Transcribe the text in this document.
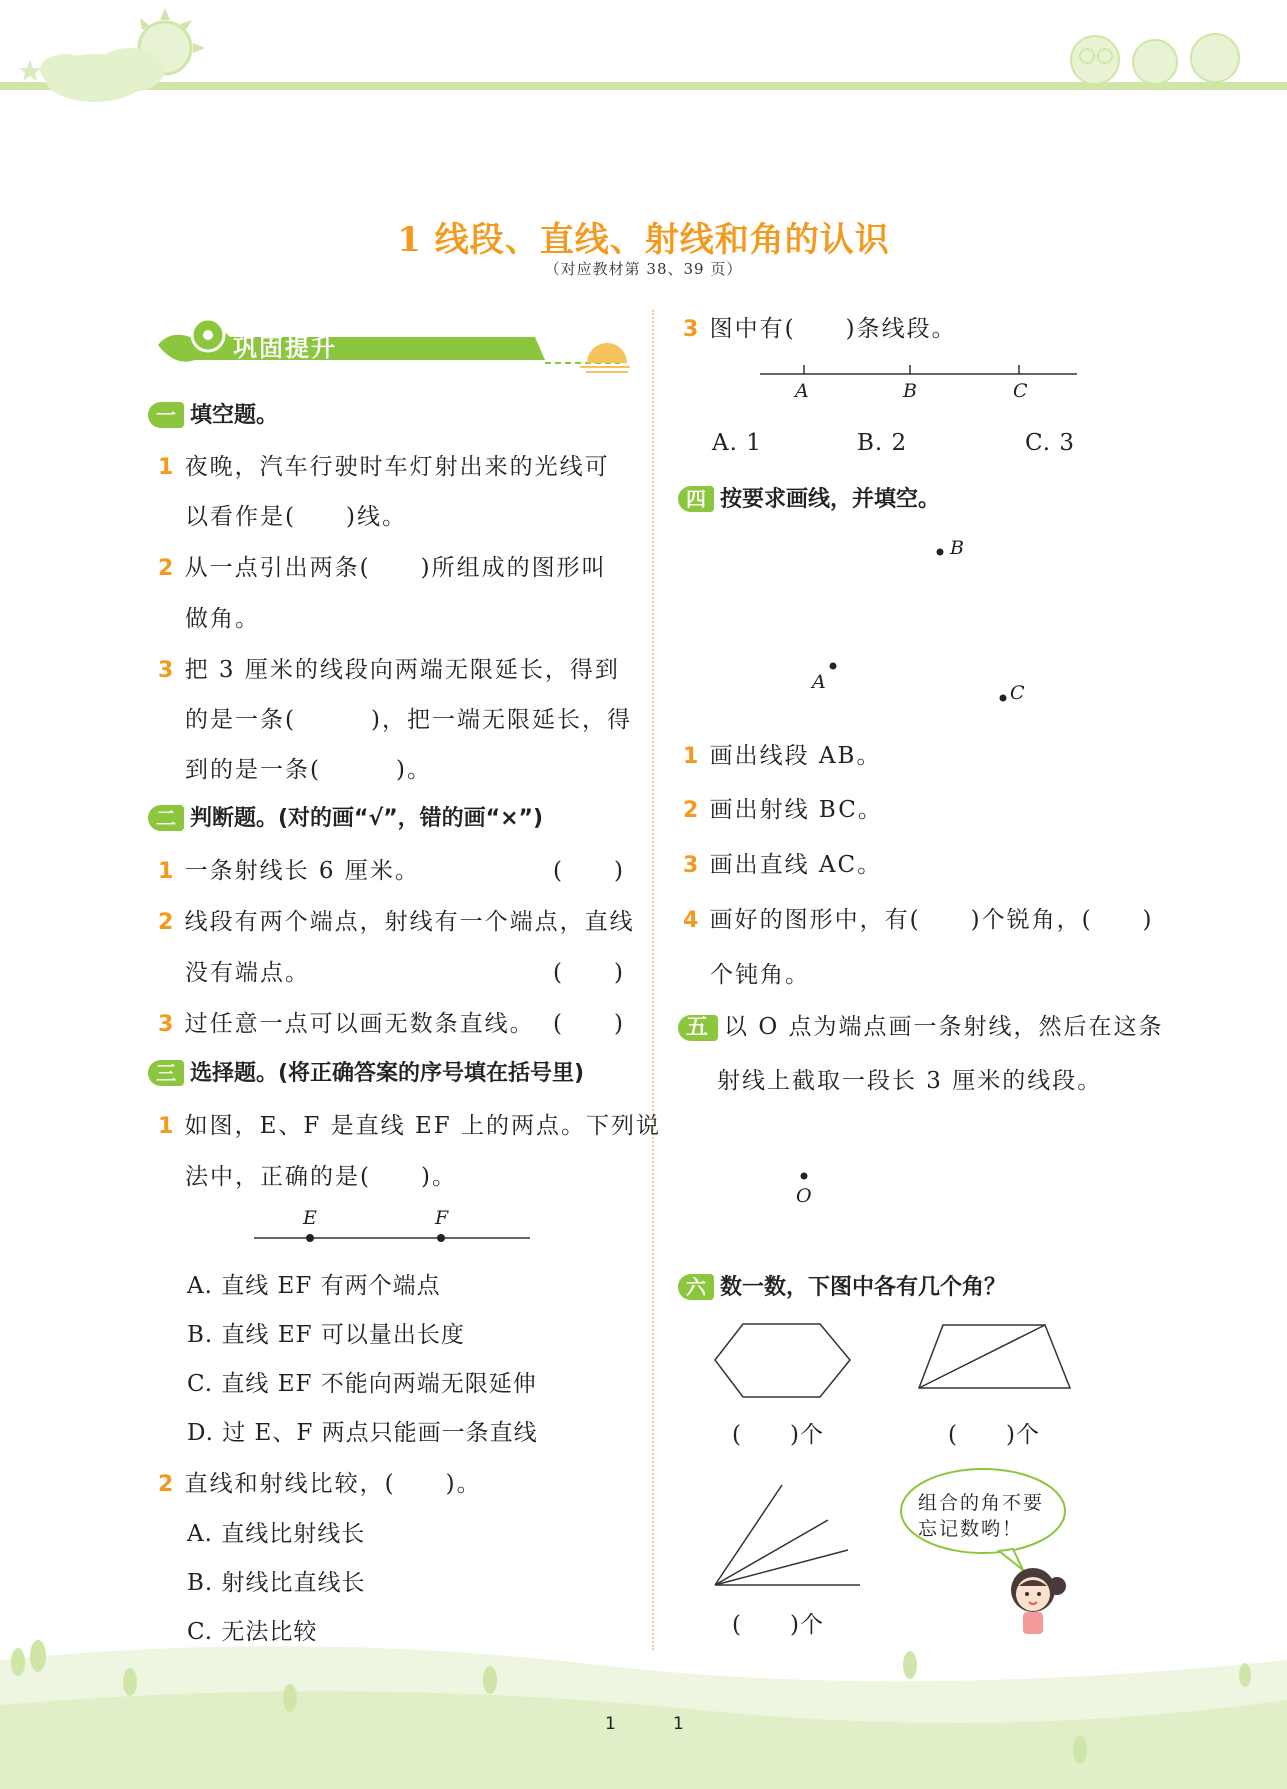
1 线段、直线、射线和角的认识
（对应教材第 38、39 页）
巩固提升
一 填空题。
1 夜晚，汽车行驶时车灯射出来的光线可
以看作是(　　)线。
2 从一点引出两条(　　)所组成的图形叫
做角。
3 把 3 厘米的线段向两端无限延长，得到
的是一条(　　　)，把一端无限延长，得
到的是一条(　　　)。
二 判断题。(对的画“√”，错的画“×”)
1 一条射线长 6 厘米。	(　　)
2 线段有两个端点，射线有一个端点，直线
没有端点。	(　　)
3 过任意一点可以画无数条直线。 (　　)
三 选择题。(将正确答案的序号填在括号里)
1 如图，E、F 是直线 EF 上的两点。下列说
法中，正确的是(　　)。
E	F
A. 直线 EF 有两个端点
B. 直线 EF 可以量出长度
C. 直线 EF 不能向两端无限延伸
D. 过 E、F 两点只能画一条直线
2 直线和射线比较，(　　)。
A. 直线比射线长
B. 射线比直线长
C. 无法比较
3 图中有(　　)条线段。
A	B	C
A. 1	B. 2	C. 3
四 按要求画线，并填空。
B
A	C
1 画出线段 AB。
2 画出射线 BC。
3 画出直线 AC。
4 画好的图形中，有(　　)个锐角，(　　)
个钝角。
五 以 O 点为端点画一条射线，然后在这条
射线上截取一段长 3 厘米的线段。
O
六 数一数，下图中各有几个角？
(　　)个	(　　)个
(　　)个
组合的角不要
忘记数哟！
1	1
